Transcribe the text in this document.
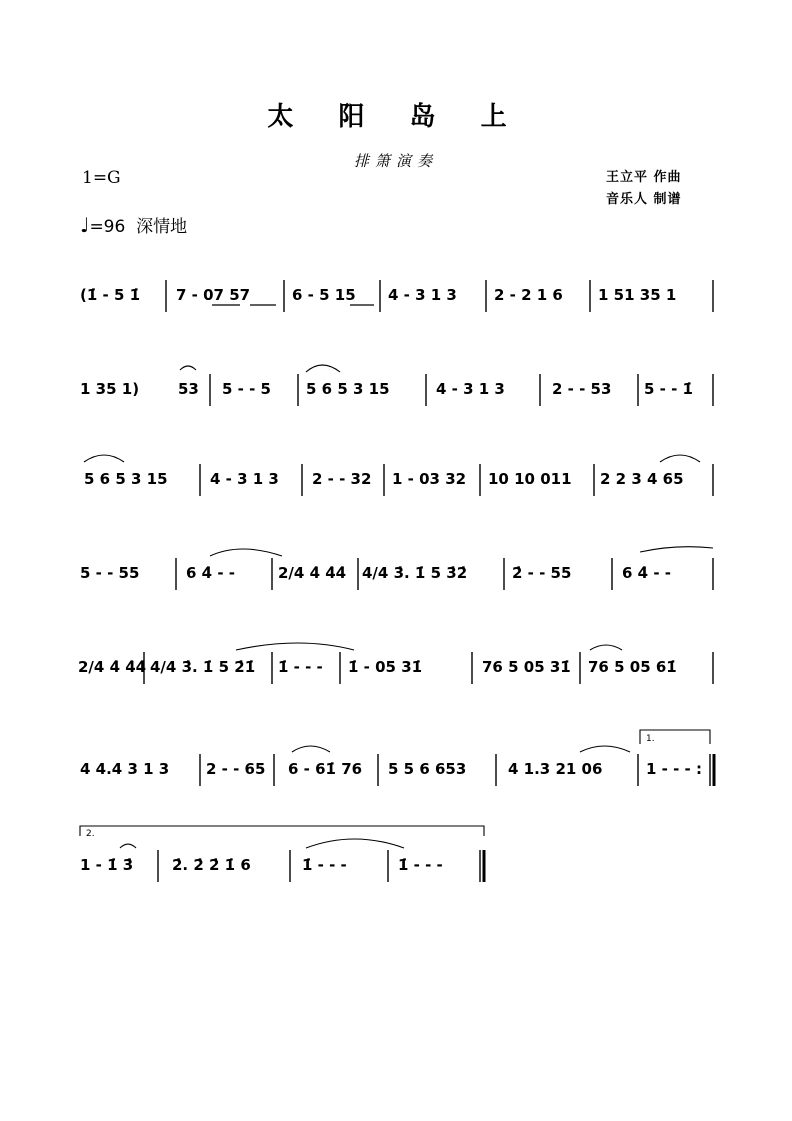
太 阳 岛 上
排箫演奏
1=G	王立平 作曲
音乐人 制谱
♩=96 深情地
(1̇ - 5 1̇ 7 - 07 57	6 - 5 15 4 - 3 1 3 2 - 2 1 6 1 51 35 1
1 35 1)	53 5 - - 5 5 6 5 3 15	4 - 3 1 3	2 - - 53 5 - - 1̇
5 6 5 3 15	4 - 3 1 3 2 - - 32 1 - 03 32 10 10 011 2 2 3 4 65
5 - - 55	6 4̇ - -	2/4 4̇ 4̇4̇ 4/4 3̇. 1̇ 5 3̇2̇	2̇ - - 55	6 4̇ - -
2/4 4̇ 4̇4̇ 4/4 3̇. 1̇ 5 2̇1̇ 1̇ - - - 1̇ - 05 31̇	76 5 05 31̇ 76 5 05 61̇
4 4.4 3 1 3 2 - - 65 6 - 61̇ 76 5 5 6 653	4 1.3 21 06	1 - - - :
1.
2.
1 - 1̇ 3̇	2̇. 2̇ 2̇ 1̇ 6	1̇ - - -	1̇ - - -
